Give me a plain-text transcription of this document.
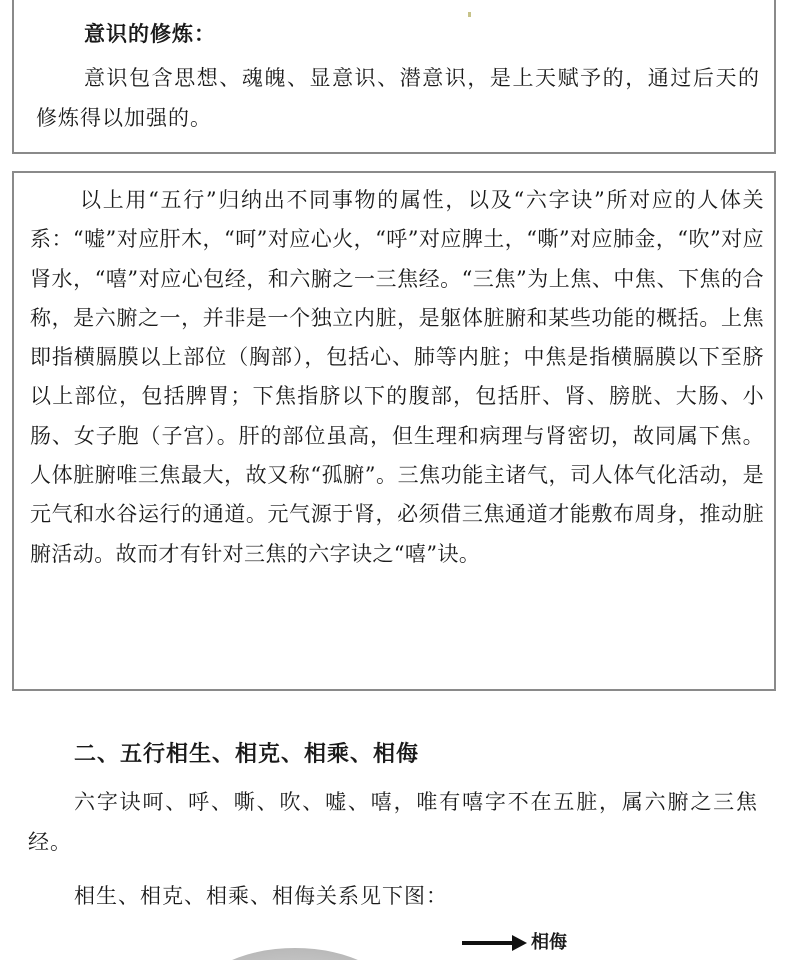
意识的修炼：
意识包含思想、魂魄、显意识、潜意识，是上天赋予的，通过后天的修炼得以加强的。
以上用“五行”归纳出不同事物的属性，以及“六字诀”所对应的人体关系：“嘘”对应肝木，“呵”对应心火，“呼”对应脾土，“嘶”对应肺金，“吹”对应肾水，“嘻”对应心包经，和六腑之一三焦经。“三焦”为上焦、中焦、下焦的合称，是六腑之一，并非是一个独立内脏，是躯体脏腑和某些功能的概括。上焦即指横膈膜以上部位（胸部），包括心、肺等内脏；中焦是指横膈膜以下至脐以上部位，包括脾胃；下焦指脐以下的腹部，包括肝、肾、膀胱、大肠、小肠、女子胞（子宫）。肝的部位虽高，但生理和病理与肾密切，故同属下焦。人体脏腑唯三焦最大，故又称“孤腑”。三焦功能主诸气，司人体气化活动，是元气和水谷运行的通道。元气源于肾，必须借三焦通道才能敷布周身，推动脏腑活动。故而才有针对三焦的六字诀之“嘻”诀。
二、五行相生、相克、相乘、相侮
六字诀呵、呼、嘶、吹、嘘、嘻，唯有嘻字不在五脏，属六腑之三焦经。
相生、相克、相乘、相侮关系见下图：
相侮
